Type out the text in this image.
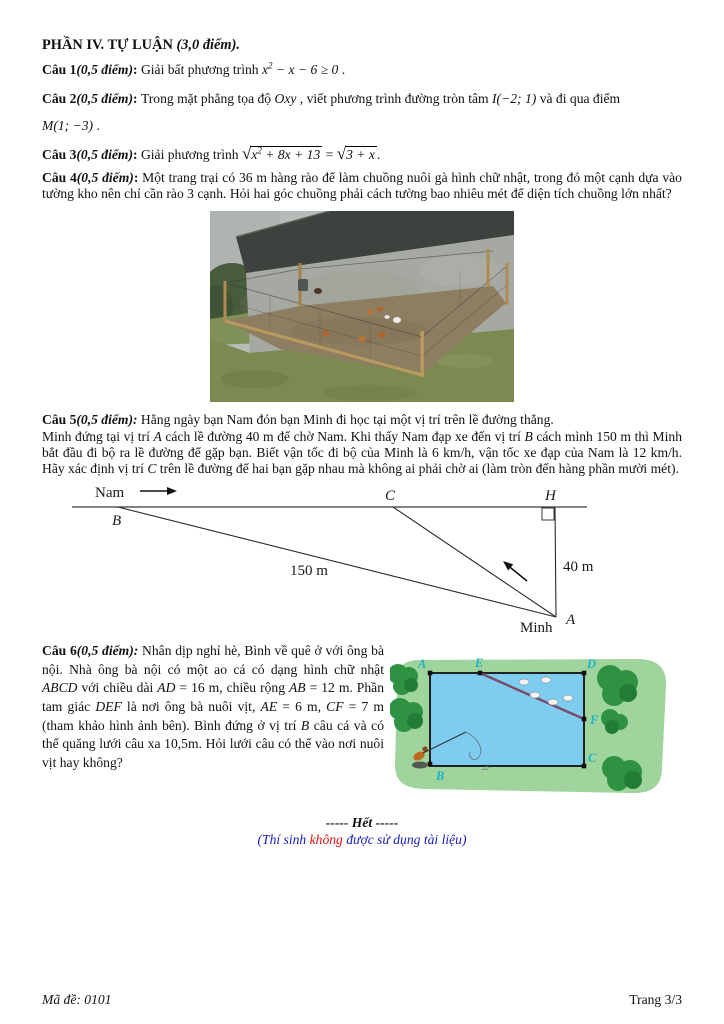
PHẦN IV. TỰ LUẬN (3,0 điểm).

Câu 1(0,5 điểm): Giải bất phương trình $x^2 - x - 6 \ge 0$ .

Câu 2(0,5 điểm): Trong mặt phẳng tọa độ Oxy , viết phương trình đường tròn tâm I(−2; 1) và đi qua điểm
M(1; −3) .

Câu 3(0,5 điểm): Giải phương trình $√x^2 + 8x + 13 = √3 + x$ .

Câu 4(0,5 điểm): Một trang trại có 36 m hàng rào để làm chuồng nuôi gà hình chữ nhật, trong đó một cạnh dựa vào tường kho nên chỉ cần rào 3 cạnh. Hỏi hai góc chuồng phải cách tường bao nhiêu mét để diện tích chuồng lớn nhất?

Câu 5(0,5 điểm): Hằng ngày bạn Nam đón bạn Minh đi học tại một vị trí trên lề đường thẳng.
Minh đứng tại vị trí A cách lề đường 40 m để chờ Nam. Khi thấy Nam đạp xe đến vị trí B cách mình 150 m thì Minh bắt đầu đi bộ ra lề đường để gặp bạn. Biết vận tốc đi bộ của Minh là 6 km/h, vận tốc xe đạp của Nam là 12 km/h. Hãy xác định vị trí C trên lề đường để hai bạn gặp nhau mà không ai phải chờ ai (làm tròn đến hàng phần mười mét).

Nam
B
C	H
A
Minh
150 m	40 m

Câu 6(0,5 điểm): Nhân dịp nghỉ hè, Bình về quê ở với ông bà nội. Nhà ông bà nội có một ao cá có dạng hình chữ nhật ABCD với chiều dài AD = 16 m, chiều rộng AB = 12 m. Phần tam giác DEF là nơi ông bà nuôi vịt, AE = 6 m, CF = 7 m (tham khảo hình ảnh bên). Bình đứng ở vị trí B câu cá và có thể quăng lưới câu xa 10,5m. Hỏi lưới câu có thể vào nơi nuôi vịt hay không?

A	E	D
F
C
B

----- Hết -----

(Thí sinh không được sử dụng tài liệu)

Mã đề: 0101	Trang 3/3
